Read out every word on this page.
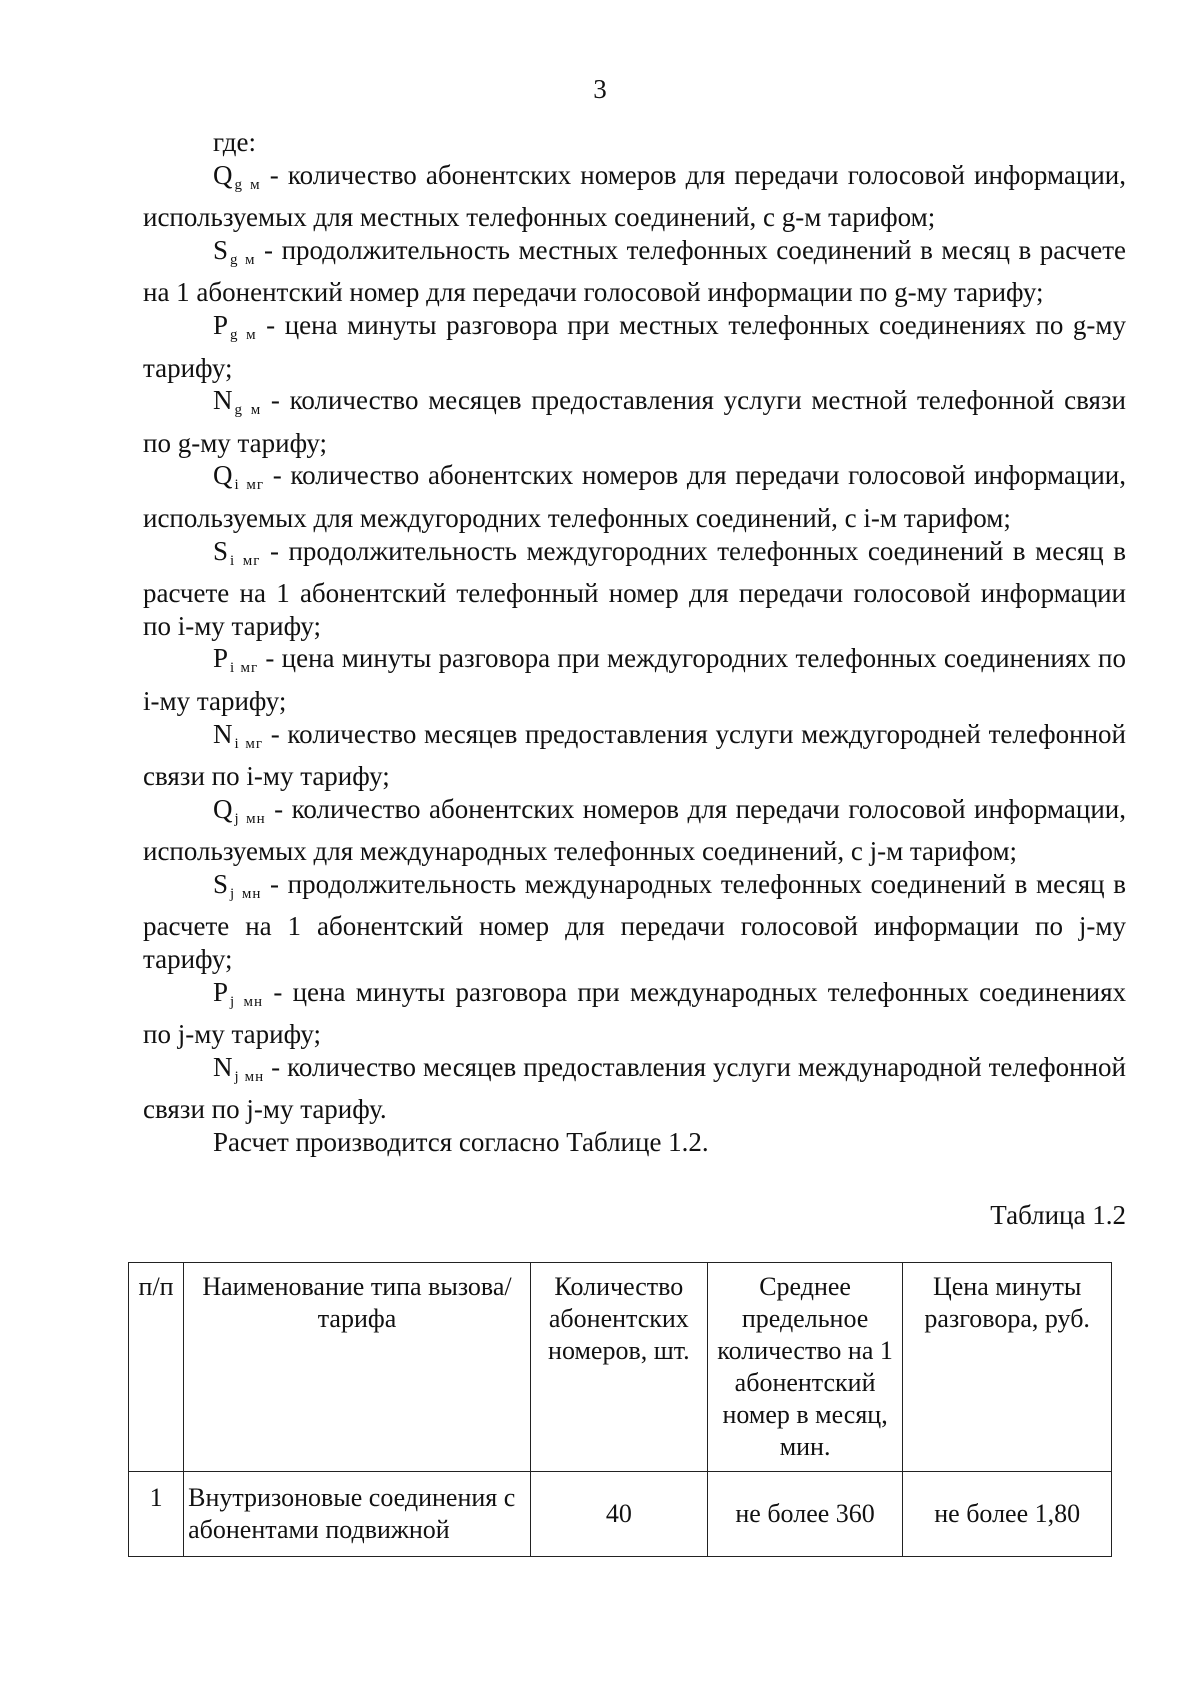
3

где:

Q $_{g м}$ - количество абонентских номеров для передачи голосовой информации, используемых для местных телефонных соединений, с g-м тарифом;

S $_{g м}$ - продолжительность местных телефонных соединений в месяц в расчете на 1 абонентский номер для передачи голосовой информации по g-му тарифу;

P $_{g м}$ - цена минуты разговора при местных телефонных соединениях по g-му тарифу;

N $_{g м}$ - количество месяцев предоставления услуги местной телефонной связи по g-му тарифу;

Q $_{i мг}$ - количество абонентских номеров для передачи голосовой информации, используемых для междугородних телефонных соединений, с i-м тарифом;

S $_{i мг}$ - продолжительность междугородних телефонных соединений в месяц в расчете на 1 абонентский телефонный номер для передачи голосовой информации по i-му тарифу;

P $_{i мг}$ - цена минуты разговора при междугородних телефонных соединениях по i-му тарифу;

N $_{i мг}$ - количество месяцев предоставления услуги междугородней телефонной связи по i-му тарифу;

Q $_{j мн}$ - количество абонентских номеров для передачи голосовой информации, используемых для международных телефонных соединений, с j-м тарифом;

S $_{j мн}$ - продолжительность международных телефонных соединений в месяц в расчете на 1 абонентский номер для передачи голосовой информации по j-му тарифу;

P $_{j мн}$ - цена минуты разговора при международных телефонных соединениях по j-му тарифу;

N $_{j мн}$ - количество месяцев предоставления услуги международной телефонной связи по j-му тарифу.

Расчет производится согласно Таблице 1.2.

Таблица 1.2
п/п	Наименование типа вызова/тарифа	Количество абонентских номеров, шт.	Среднее предельное количество на 1 абонентский номер в месяц, мин.	Цена минуты разговора, руб.
1	Внутризоновые соединения с абонентами подвижной	40	не более 360	не более 1,80
